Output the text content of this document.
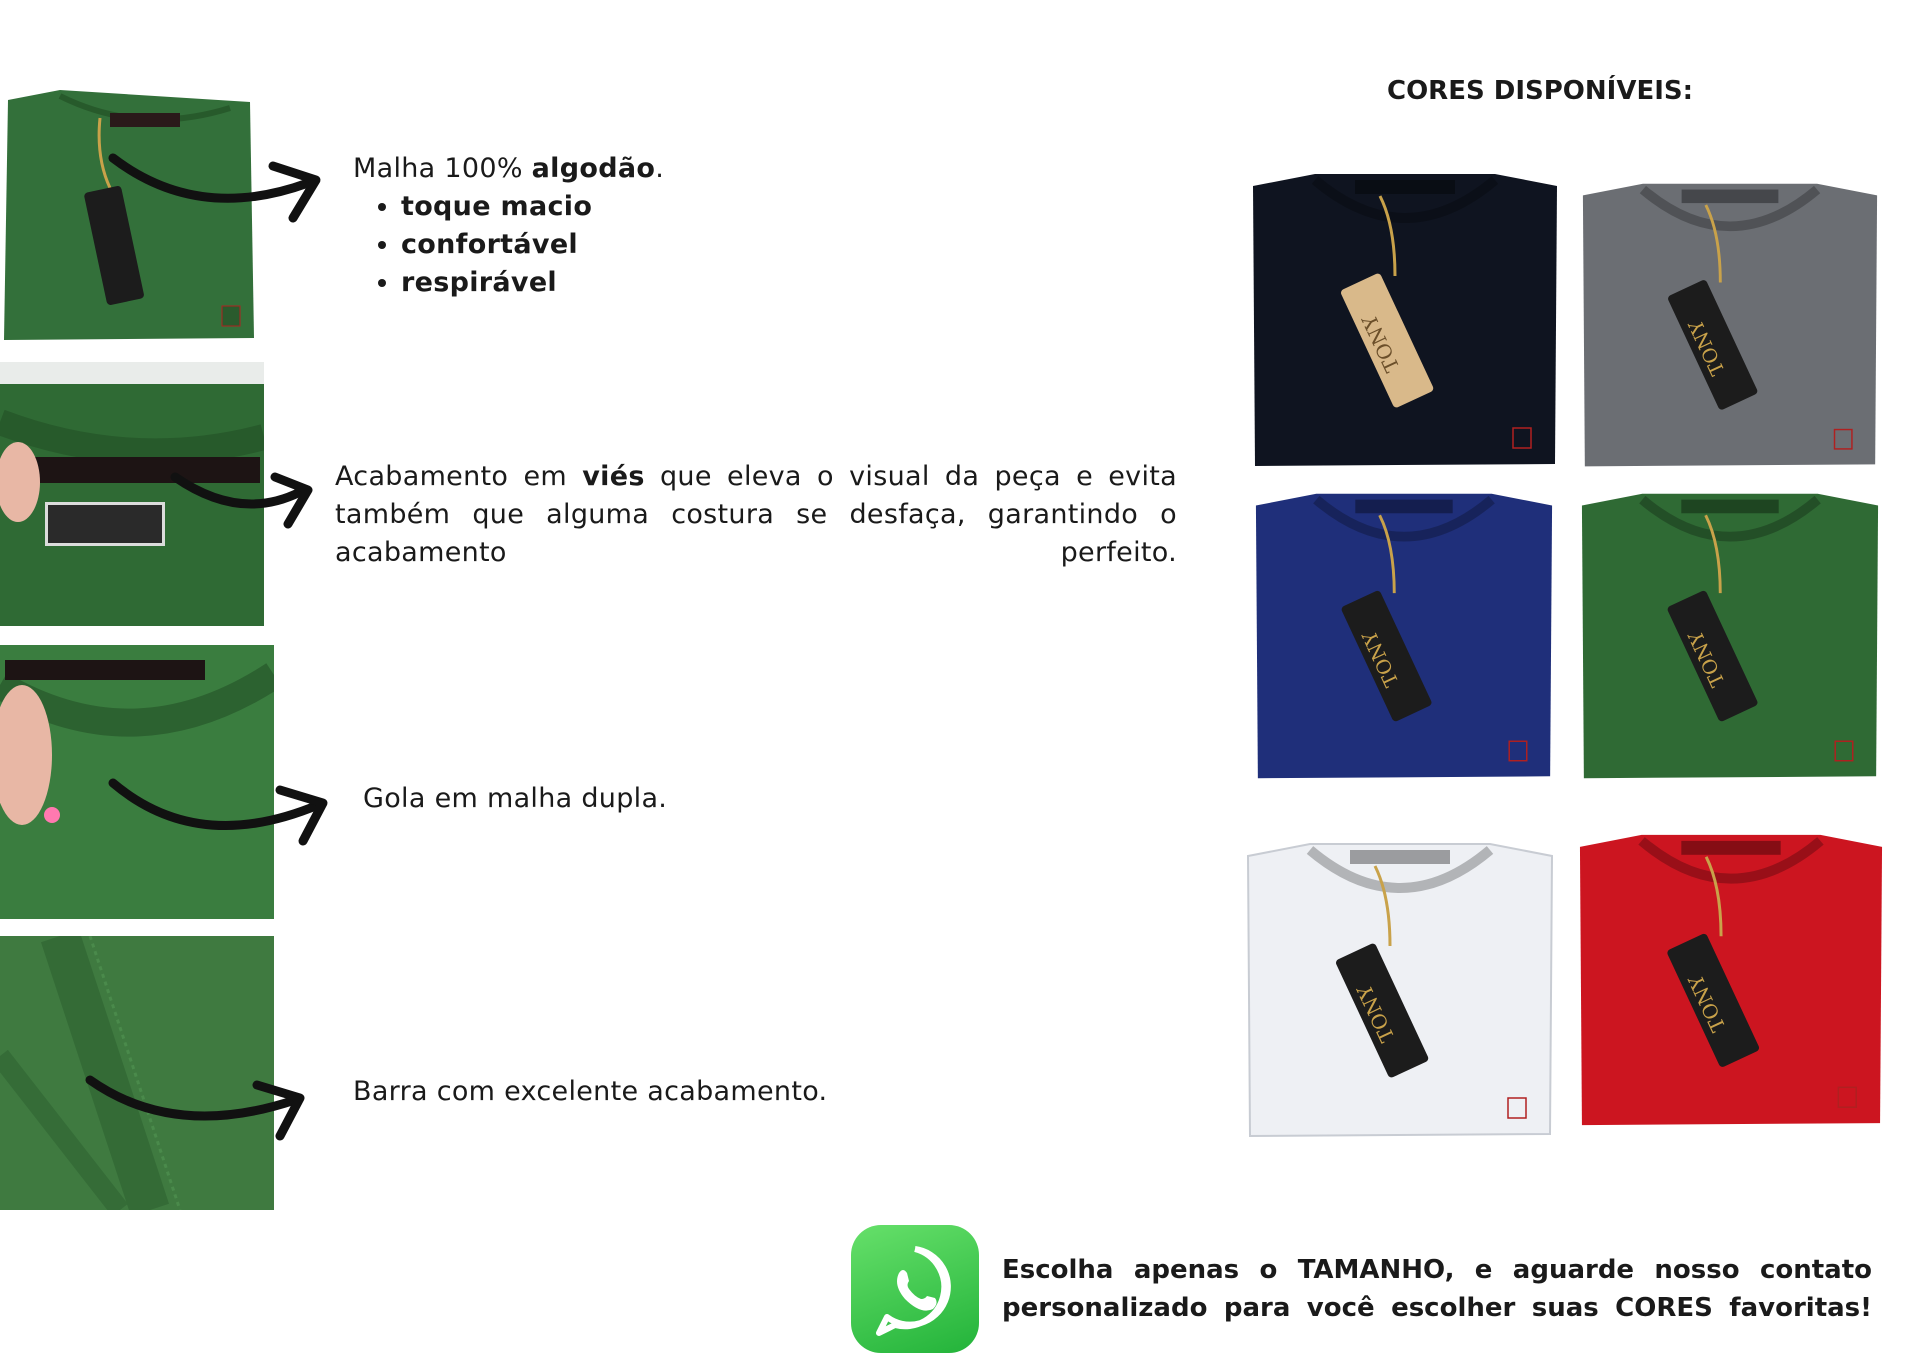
Malha 100% algodão.
• toque macio
• confortável
• respirável
Acabamento em viés que eleva o visual da peça e evita também que alguma costura se desfaça, garantindo o acabamento perfeito.
Gola em malha dupla.
Barra com excelente acabamento.
CORES DISPONÍVEIS:
TONY	TONY
TONY	TONY
TONY	TONY
Escolha apenas o TAMANHO, e aguarde nosso contato personalizado para você escolher suas CORES favoritas!
